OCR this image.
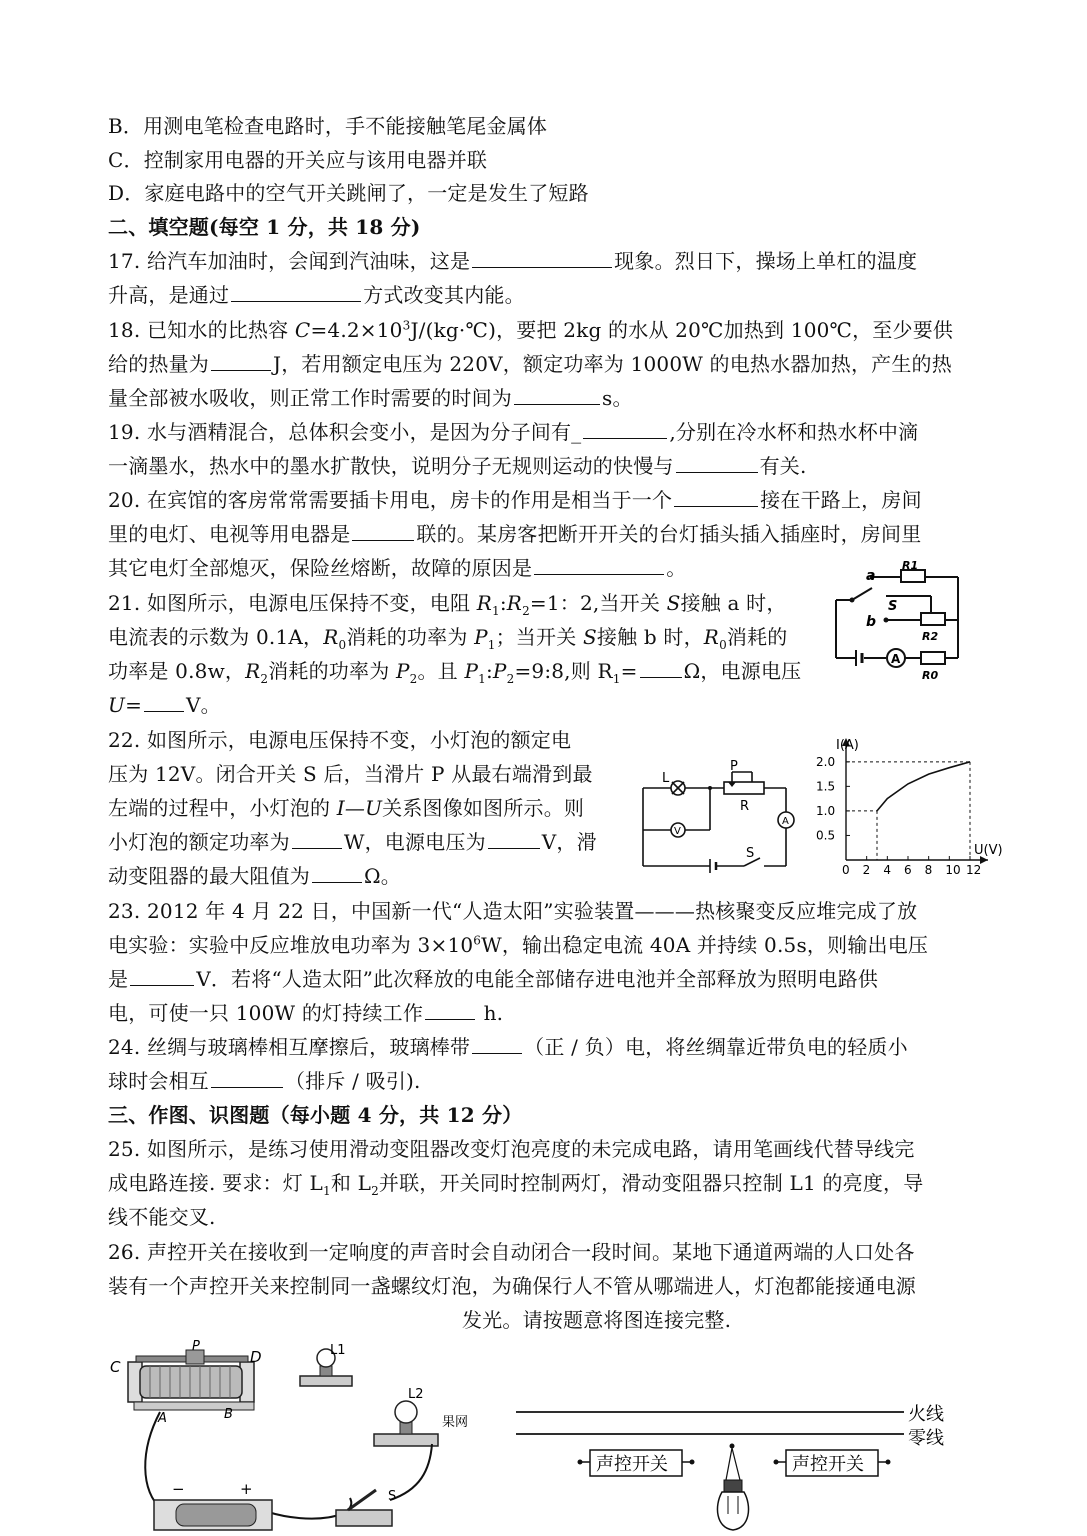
B．用测电笔检查电路时，手不能接触笔尾金属体
C．控制家用电器的开关应与该用电器并联
D．家庭电路中的空气开关跳闸了，一定是发生了短路
二、填空题(每空 1 分，共 18 分)
17. 给汽车加油时，会闻到汽油味，这是	现象。烈日下，操场上单杠的温度
升高，是通过	方式改变其内能。
18. 已知水的比热容 $C=4.2\times 10^3J/(kg\cdot℃)$，要把 2kg 的水从 20℃加热到 100℃，至少要供
给的热量为	J，若用额定电压为 220V，额定功率为 1000W 的电热水器加热，产生的热
量全部被水吸收，则正常工作时需要的时间为	s。
19. 水与酒精混合，总体积会变小，是因为分子间有_	,分别在冷水杯和热水杯中滴
一滴墨水，热水中的墨水扩散快，说明分子无规则运动的快慢与	有关.
20. 在宾馆的客房常常需要插卡用电，房卡的作用是相当于一个	接在干路上，房间
里的电灯、电视等用电器是	联的。某房客把断开开关的台灯插头插入插座时，房间里
其它电灯全部熄灭，保险丝熔断，故障的原因是	。
21. 如图所示，电源电压保持不变，电阻 $R_1:R_2=1$：2,当开关 S接触 a 时，
电流表的示数为 0.1A，$R_0$消耗的功率为 $P_1$；当开关 S接触 b 时，$R_0$消耗的
功率是 0.8w，$R_2$消耗的功率为 $P_2$。且 $P_1:P_2=9:8$,则 $R_1= \Omega$，电源电压
U= V。
a
b
S
R1
R2
R0
A
22. 如图所示，电源电压保持不变，小灯泡的额定电
压为 12V。闭合开关 S 后，当滑片 P 从最右端滑到最
左端的过程中，小灯泡的 I—U关系图像如图所示。则
小灯泡的额定功率为	W，电源电压为	V，滑
动变阻器的最大阻值为	Ω。
L
V
P
R
A
S
0 2 4 6 8 10 12
0.5
1.0
1.5
2.0
I(A)
U(V)
23. 2012 年 4 月 22 日，中国新一代“人造太阳”实验装置———热核聚变反应堆完成了放
电实验：实验中反应堆放电功率为 $3\times 10^6W$，输出稳定电流 40A 并持续 0.5s，则输出电压
是	V．若将“人造太阳”此次释放的电能全部储存进电池并全部释放为照明电路供
电，可使一只 100W 的灯持续工作	h.
24. 丝绸与玻璃棒相互摩擦后，玻璃棒带	（正 / 负）电，将丝绸靠近带负电的轻质小
球时会相互	（排斥 / 吸引).
三、作图、识图题（每小题 4 分，共 12 分）
25. 如图所示，是练习使用滑动变阻器改变灯泡亮度的未完成电路，请用笔画线代替导线完
成电路连接. 要求：灯 $L_1$和 $L_2$并联，开关同时控制两灯，滑动变阻器只控制 L1 的亮度，导
线不能交叉.
26. 声控开关在接收到一定响度的声音时会自动闭合一段时间。某地下通道两端的人口处各
装有一个声控开关来控制同一盏螺纹灯泡，为确保行人不管从哪端进人，灯泡都能接通电源
发光。请按题意将图连接完整.
C
P
D
A	B
L1
L2
果网
−	+	S
火线
零线
声控开关	声控开关
